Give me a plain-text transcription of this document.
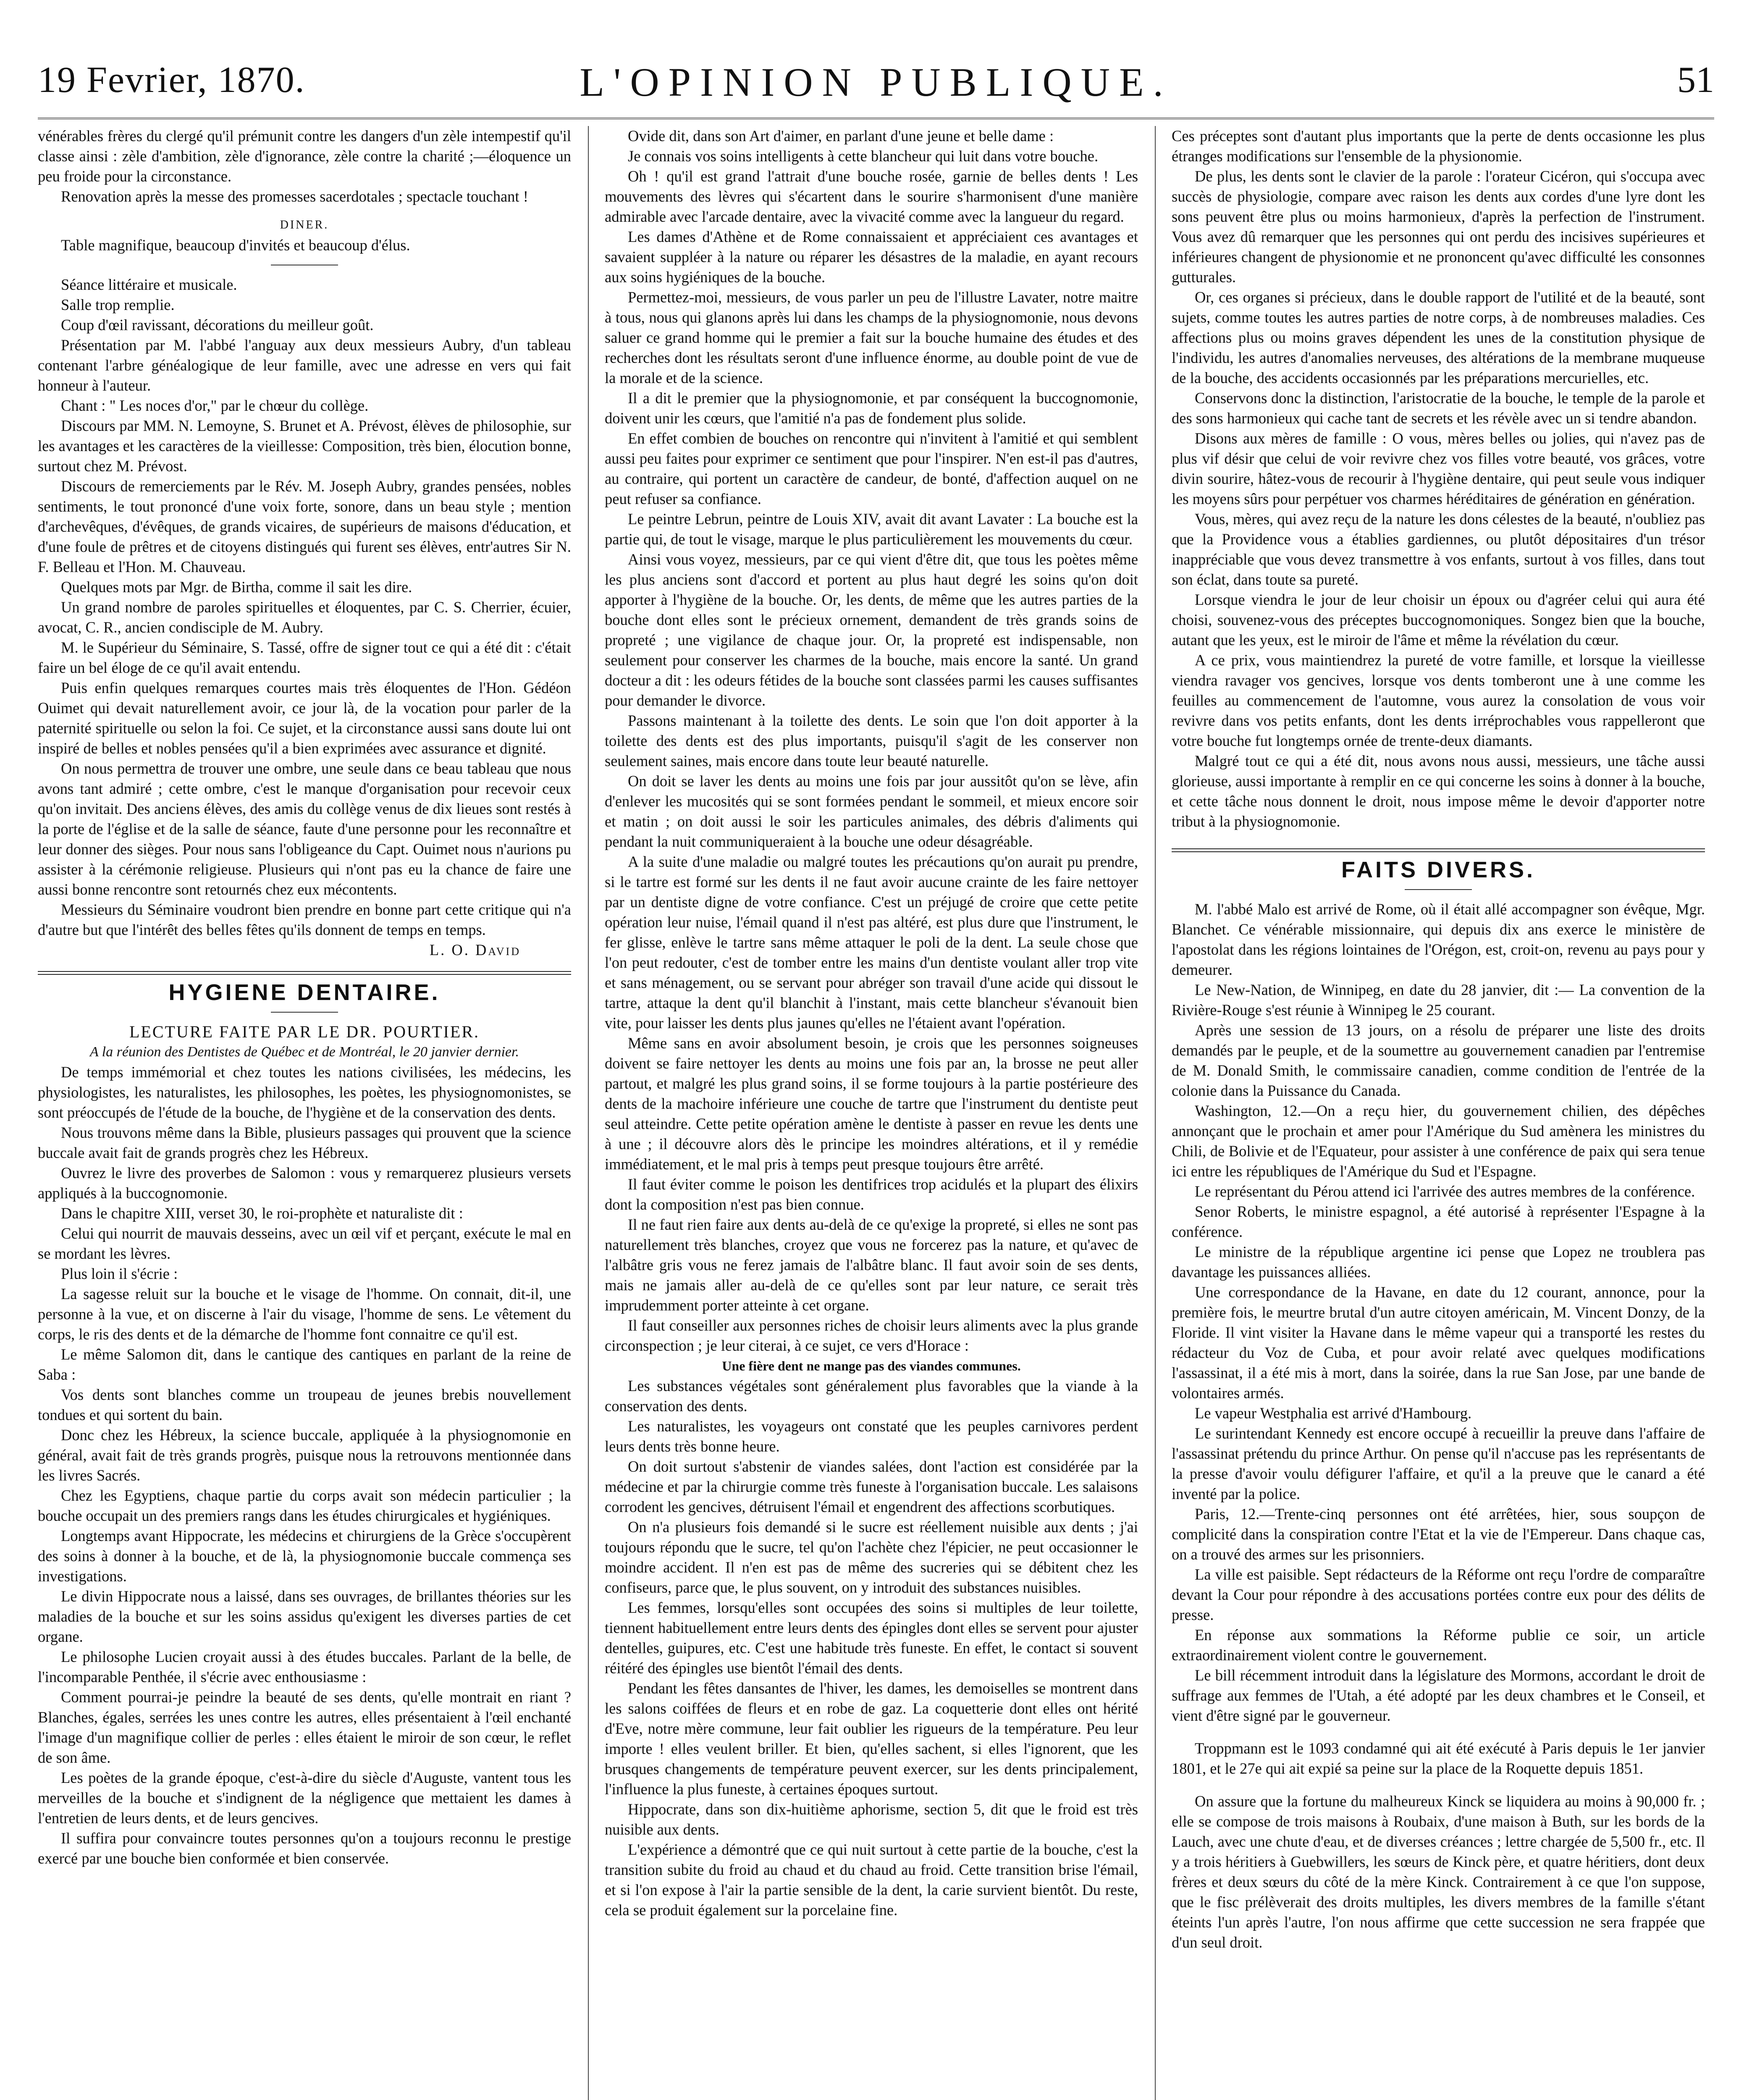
19 Fevrier, 1870.	L'OPINION PUBLIQUE.	51

vénérables frères du clergé qu'il prémunit contre les dangers d'un zèle intempestif qu'il classe ainsi : zèle d'ambition, zèle d'ignorance, zèle contre la charité ;—éloquence un peu froide pour la circonstance.

Renovation après la messe des promesses sacerdotales ; spectacle touchant !

DINER.

Table magnifique, beaucoup d'invités et beaucoup d'élus.

Séance littéraire et musicale.

Salle trop remplie.

Coup d'œil ravissant, décorations du meilleur goût.

Présentation par M. l'abbé l'anguay aux deux messieurs Aubry, d'un tableau contenant l'arbre généalogique de leur famille, avec une adresse en vers qui fait honneur à l'auteur.

Chant : " Les noces d'or," par le chœur du collège.

Discours par MM. N. Lemoyne, S. Brunet et A. Prévost, élèves de philosophie, sur les avantages et les caractères de la vieillesse: Composition, très bien, élocution bonne, surtout chez M. Prévost.

Discours de remerciements par le Rév. M. Joseph Aubry, grandes pensées, nobles sentiments, le tout prononcé d'une voix forte, sonore, dans un beau style ; mention d'archevêques, d'évêques, de grands vicaires, de supérieurs de maisons d'éducation, et d'une foule de prêtres et de citoyens distingués qui furent ses élèves, entr'autres Sir N. F. Belleau et l'Hon. M. Chauveau.

Quelques mots par Mgr. de Birtha, comme il sait les dire.

Un grand nombre de paroles spirituelles et éloquentes, par C. S. Cherrier, écuier, avocat, C. R., ancien condisciple de M. Aubry.

M. le Supérieur du Séminaire, S. Tassé, offre de signer tout ce qui a été dit : c'était faire un bel éloge de ce qu'il avait entendu.

Puis enfin quelques remarques courtes mais très éloquentes de l'Hon. Gédéon Ouimet qui devait naturellement avoir, ce jour là, de la vocation pour parler de la paternité spirituelle ou selon la foi. Ce sujet, et la circonstance aussi sans doute lui ont inspiré de belles et nobles pensées qu'il a bien exprimées avec assurance et dignité.

On nous permettra de trouver une ombre, une seule dans ce beau tableau que nous avons tant admiré ; cette ombre, c'est le manque d'organisation pour recevoir ceux qu'on invitait. Des anciens élèves, des amis du collège venus de dix lieues sont restés à la porte de l'église et de la salle de séance, faute d'une personne pour les reconnaître et leur donner des sièges. Pour nous sans l'obligeance du Capt. Ouimet nous n'aurions pu assister à la cérémonie religieuse. Plusieurs qui n'ont pas eu la chance de faire une aussi bonne rencontre sont retournés chez eux mécontents.

Messieurs du Séminaire voudront bien prendre en bonne part cette critique qui n'a d'autre but que l'intérêt des belles fêtes qu'ils donnent de temps en temps.

L. O. David
HYGIENE DENTAIRE.
LECTURE FAITE PAR LE DR. POURTIER.
A la réunion des Dentistes de Québec et de Montréal, le 20 janvier dernier.

De temps immémorial et chez toutes les nations civilisées, les médecins, les physiologistes, les naturalistes, les philosophes, les poètes, les physiognomonistes, se sont préoccupés de l'étude de la bouche, de l'hygiène et de la conservation des dents.

Nous trouvons même dans la Bible, plusieurs passages qui prouvent que la science buccale avait fait de grands progrès chez les Hébreux.

Ouvrez le livre des proverbes de Salomon : vous y remarquerez plusieurs versets appliqués à la buccognomonie.

Dans le chapitre XIII, verset 30, le roi-prophète et naturaliste dit :

Celui qui nourrit de mauvais desseins, avec un œil vif et perçant, exécute le mal en se mordant les lèvres.

Plus loin il s'écrie :

La sagesse reluit sur la bouche et le visage de l'homme. On connait, dit-il, une personne à la vue, et on discerne à l'air du visage, l'homme de sens. Le vêtement du corps, le ris des dents et de la démarche de l'homme font connaitre ce qu'il est.

Le même Salomon dit, dans le cantique des cantiques en parlant de la reine de Saba :

Vos dents sont blanches comme un troupeau de jeunes brebis nouvellement tondues et qui sortent du bain.

Donc chez les Hébreux, la science buccale, appliquée à la physiognomonie en général, avait fait de très grands progrès, puisque nous la retrouvons mentionnée dans les livres Sacrés.

Chez les Egyptiens, chaque partie du corps avait son médecin particulier ; la bouche occupait un des premiers rangs dans les études chirurgicales et hygiéniques.

Longtemps avant Hippocrate, les médecins et chirurgiens de la Grèce s'occupèrent des soins à donner à la bouche, et de là, la physiognomonie buccale commença ses investigations.

Le divin Hippocrate nous a laissé, dans ses ouvrages, de brillantes théories sur les maladies de la bouche et sur les soins assidus qu'exigent les diverses parties de cet organe.

Le philosophe Lucien croyait aussi à des études buccales. Parlant de la belle, de l'incomparable Penthée, il s'écrie avec enthousiasme :

Comment pourrai-je peindre la beauté de ses dents, qu'elle montrait en riant ? Blanches, égales, serrées les unes contre les autres, elles présentaient à l'œil enchanté l'image d'un magnifique collier de perles : elles étaient le miroir de son cœur, le reflet de son âme.

Les poètes de la grande époque, c'est-à-dire du siècle d'Auguste, vantent tous les merveilles de la bouche et s'indignent de la négligence que mettaient les dames à l'entretien de leurs dents, et de leurs gencives.

Il suffira pour convaincre toutes personnes qu'on a toujours reconnu le prestige exercé par une bouche bien conformée et bien conservée.

Ovide dit, dans son Art d'aimer, en parlant d'une jeune et belle dame :

Je connais vos soins intelligents à cette blancheur qui luit dans votre bouche.

Oh ! qu'il est grand l'attrait d'une bouche rosée, garnie de belles dents ! Les mouvements des lèvres qui s'écartent dans le sourire s'harmonisent d'une manière admirable avec l'arcade dentaire, avec la vivacité comme avec la langueur du regard.

Les dames d'Athène et de Rome connaissaient et appréciaient ces avantages et savaient suppléer à la nature ou réparer les désastres de la maladie, en ayant recours aux soins hygiéniques de la bouche.

Permettez-moi, messieurs, de vous parler un peu de l'illustre Lavater, notre maitre à tous, nous qui glanons après lui dans les champs de la physiognomonie, nous devons saluer ce grand homme qui le premier a fait sur la bouche humaine des études et des recherches dont les résultats seront d'une influence énorme, au double point de vue de la morale et de la science.

Il a dit le premier que la physiognomonie, et par conséquent la buccognomonie, doivent unir les cœurs, que l'amitié n'a pas de fondement plus solide.

En effet combien de bouches on rencontre qui n'invitent à l'amitié et qui semblent aussi peu faites pour exprimer ce sentiment que pour l'inspirer. N'en est-il pas d'autres, au contraire, qui portent un caractère de candeur, de bonté, d'affection auquel on ne peut refuser sa confiance.

Le peintre Lebrun, peintre de Louis XIV, avait dit avant Lavater : La bouche est la partie qui, de tout le visage, marque le plus particulièrement les mouvements du cœur.

Ainsi vous voyez, messieurs, par ce qui vient d'être dit, que tous les poètes même les plus anciens sont d'accord et portent au plus haut degré les soins qu'on doit apporter à l'hygiène de la bouche. Or, les dents, de même que les autres parties de la bouche dont elles sont le précieux ornement, demandent de très grands soins de propreté ; une vigilance de chaque jour. Or, la propreté est indispensable, non seulement pour conserver les charmes de la bouche, mais encore la santé. Un grand docteur a dit : les odeurs fétides de la bouche sont classées parmi les causes suffisantes pour demander le divorce.

Passons maintenant à la toilette des dents. Le soin que l'on doit apporter à la toilette des dents est des plus importants, puisqu'il s'agit de les conserver non seulement saines, mais encore dans toute leur beauté naturelle.

On doit se laver les dents au moins une fois par jour aussitôt qu'on se lève, afin d'enlever les mucosités qui se sont formées pendant le sommeil, et mieux encore soir et matin ; on doit aussi le soir les particules animales, des débris d'aliments qui pendant la nuit communiqueraient à la bouche une odeur désagréable.

A la suite d'une maladie ou malgré toutes les précautions qu'on aurait pu prendre, si le tartre est formé sur les dents il ne faut avoir aucune crainte de les faire nettoyer par un dentiste digne de votre confiance. C'est un préjugé de croire que cette petite opération leur nuise, l'émail quand il n'est pas altéré, est plus dure que l'instrument, le fer glisse, enlève le tartre sans même attaquer le poli de la dent. La seule chose que l'on peut redouter, c'est de tomber entre les mains d'un dentiste voulant aller trop vite et sans ménagement, ou se servant pour abréger son travail d'une acide qui dissout le tartre, attaque la dent qu'il blanchit à l'instant, mais cette blancheur s'évanouit bien vite, pour laisser les dents plus jaunes qu'elles ne l'étaient avant l'opération.

Même sans en avoir absolument besoin, je crois que les personnes soigneuses doivent se faire nettoyer les dents au moins une fois par an, la brosse ne peut aller partout, et malgré les plus grand soins, il se forme toujours à la partie postérieure des dents de la machoire inférieure une couche de tartre que l'instrument du dentiste peut seul atteindre. Cette petite opération amène le dentiste à passer en revue les dents une à une ; il découvre alors dès le principe les moindres altérations, et il y remédie immédiatement, et le mal pris à temps peut presque toujours être arrêté.

Il faut éviter comme le poison les dentifrices trop acidulés et la plupart des élixirs dont la composition n'est pas bien connue.

Il ne faut rien faire aux dents au-delà de ce qu'exige la propreté, si elles ne sont pas naturellement très blanches, croyez que vous ne forcerez pas la nature, et qu'avec de l'albâtre gris vous ne ferez jamais de l'albâtre blanc. Il faut avoir soin de ses dents, mais ne jamais aller au-delà de ce qu'elles sont par leur nature, ce serait très imprudemment porter atteinte à cet organe.

Il faut conseiller aux personnes riches de choisir leurs aliments avec la plus grande circonspection ; je leur citerai, à ce sujet, ce vers d'Horace :

Une fière dent ne mange pas des viandes communes.

Les substances végétales sont généralement plus favorables que la viande à la conservation des dents.

Les naturalistes, les voyageurs ont constaté que les peuples carnivores perdent leurs dents très bonne heure.

On doit surtout s'abstenir de viandes salées, dont l'action est considérée par la médecine et par la chirurgie comme très funeste à l'organisation buccale. Les salaisons corrodent les gencives, détruisent l'émail et engendrent des affections scorbutiques.

On n'a plusieurs fois demandé si le sucre est réellement nuisible aux dents ; j'ai toujours répondu que le sucre, tel qu'on l'achète chez l'épicier, ne peut occasionner le moindre accident. Il n'en est pas de même des sucreries qui se débitent chez les confiseurs, parce que, le plus souvent, on y introduit des substances nuisibles.

Les femmes, lorsqu'elles sont occupées des soins si multiples de leur toilette, tiennent habituellement entre leurs dents des épingles dont elles se servent pour ajuster dentelles, guipures, etc. C'est une habitude très funeste. En effet, le contact si souvent réitéré des épingles use bientôt l'émail des dents.

Pendant les fêtes dansantes de l'hiver, les dames, les demoiselles se montrent dans les salons coiffées de fleurs et en robe de gaz. La coquetterie dont elles ont hérité d'Eve, notre mère commune, leur fait oublier les rigueurs de la température. Peu leur importe ! elles veulent briller. Et bien, qu'elles sachent, si elles l'ignorent, que les brusques changements de température peuvent exercer, sur les dents principalement, l'influence la plus funeste, à certaines époques surtout.

Hippocrate, dans son dix-huitième aphorisme, section 5, dit que le froid est très nuisible aux dents.

L'expérience a démontré que ce qui nuit surtout à cette partie de la bouche, c'est la transition subite du froid au chaud et du chaud au froid. Cette transition brise l'émail, et si l'on expose à l'air la partie sensible de la dent, la carie survient bientôt. Du reste, cela se produit également sur la porcelaine fine.

Ces préceptes sont d'autant plus importants que la perte de dents occasionne les plus étranges modifications sur l'ensemble de la physionomie.

De plus, les dents sont le clavier de la parole : l'orateur Cicéron, qui s'occupa avec succès de physiologie, compare avec raison les dents aux cordes d'une lyre dont les sons peuvent être plus ou moins harmonieux, d'après la perfection de l'instrument. Vous avez dû remarquer que les personnes qui ont perdu des incisives supérieures et inférieures changent de physionomie et ne prononcent qu'avec difficulté les consonnes gutturales.

Or, ces organes si précieux, dans le double rapport de l'utilité et de la beauté, sont sujets, comme toutes les autres parties de notre corps, à de nombreuses maladies. Ces affections plus ou moins graves dépendent les unes de la constitution physique de l'individu, les autres d'anomalies nerveuses, des altérations de la membrane muqueuse de la bouche, des accidents occasionnés par les préparations mercurielles, etc.

Conservons donc la distinction, l'aristocratie de la bouche, le temple de la parole et des sons harmonieux qui cache tant de secrets et les révèle avec un si tendre abandon.

Disons aux mères de famille : O vous, mères belles ou jolies, qui n'avez pas de plus vif désir que celui de voir revivre chez vos filles votre beauté, vos grâces, votre divin sourire, hâtez-vous de recourir à l'hygiène dentaire, qui peut seule vous indiquer les moyens sûrs pour perpétuer vos charmes héréditaires de génération en génération.

Vous, mères, qui avez reçu de la nature les dons célestes de la beauté, n'oubliez pas que la Providence vous a établies gardiennes, ou plutôt dépositaires d'un trésor inappréciable que vous devez transmettre à vos enfants, surtout à vos filles, dans tout son éclat, dans toute sa pureté.

Lorsque viendra le jour de leur choisir un époux ou d'agréer celui qui aura été choisi, souvenez-vous des préceptes buccognomoniques. Songez bien que la bouche, autant que les yeux, est le miroir de l'âme et même la révélation du cœur.

A ce prix, vous maintiendrez la pureté de votre famille, et lorsque la vieillesse viendra ravager vos gencives, lorsque vos dents tomberont une à une comme les feuilles au commencement de l'automne, vous aurez la consolation de vous voir revivre dans vos petits enfants, dont les dents irréprochables vous rappelleront que votre bouche fut longtemps ornée de trente-deux diamants.

Malgré tout ce qui a été dit, nous avons nous aussi, messieurs, une tâche aussi glorieuse, aussi importante à remplir en ce qui concerne les soins à donner à la bouche, et cette tâche nous donnent le droit, nous impose même le devoir d'apporter notre tribut à la physiognomonie.

FAITS DIVERS.

M. l'abbé Malo est arrivé de Rome, où il était allé accompagner son évêque, Mgr. Blanchet. Ce vénérable missionnaire, qui depuis dix ans exerce le ministère de l'apostolat dans les régions lointaines de l'Orégon, est, croit-on, revenu au pays pour y demeurer.

Le New-Nation, de Winnipeg, en date du 28 janvier, dit :— La convention de la Rivière-Rouge s'est réunie à Winnipeg le 25 courant.

Après une session de 13 jours, on a résolu de préparer une liste des droits demandés par le peuple, et de la soumettre au gouvernement canadien par l'entremise de M. Donald Smith, le commissaire canadien, comme condition de l'entrée de la colonie dans la Puissance du Canada.

Washington, 12.—On a reçu hier, du gouvernement chilien, des dépêches annonçant que le prochain et amer pour l'Amérique du Sud amènera les ministres du Chili, de Bolivie et de l'Equateur, pour assister à une conférence de paix qui sera tenue ici entre les républiques de l'Amérique du Sud et l'Espagne.

Le représentant du Pérou attend ici l'arrivée des autres membres de la conférence.

Senor Roberts, le ministre espagnol, a été autorisé à représenter l'Espagne à la conférence.

Le ministre de la république argentine ici pense que Lopez ne troublera pas davantage les puissances alliées.

Une correspondance de la Havane, en date du 12 courant, annonce, pour la première fois, le meurtre brutal d'un autre citoyen américain, M. Vincent Donzy, de la Floride. Il vint visiter la Havane dans le même vapeur qui a transporté les restes du rédacteur du Voz de Cuba, et pour avoir relaté avec quelques modifications l'assassinat, il a été mis à mort, dans la soirée, dans la rue San Jose, par une bande de volontaires armés.

Le vapeur Westphalia est arrivé d'Hambourg.

Le surintendant Kennedy est encore occupé à recueillir la preuve dans l'affaire de l'assassinat prétendu du prince Arthur. On pense qu'il n'accuse pas les représentants de la presse d'avoir voulu défigurer l'affaire, et qu'il a la preuve que le canard a été inventé par la police.

Paris, 12.—Trente-cinq personnes ont été arrêtées, hier, sous soupçon de complicité dans la conspiration contre l'Etat et la vie de l'Empereur. Dans chaque cas, on a trouvé des armes sur les prisonniers.

La ville est paisible. Sept rédacteurs de la Réforme ont reçu l'ordre de comparaître devant la Cour pour répondre à des accusations portées contre eux pour des délits de presse.

En réponse aux sommations la Réforme publie ce soir, un article extraordinairement violent contre le gouvernement.

Le bill récemment introduit dans la législature des Mormons, accordant le droit de suffrage aux femmes de l'Utah, a été adopté par les deux chambres et le Conseil, et vient d'être signé par le gouverneur.

Troppmann est le 1093 condamné qui ait été exécuté à Paris depuis le 1er janvier 1801, et le 27e qui ait expié sa peine sur la place de la Roquette depuis 1851.

On assure que la fortune du malheureux Kinck se liquidera au moins à 90,000 fr. ; elle se compose de trois maisons à Roubaix, d'une maison à Buth, sur les bords de la Lauch, avec une chute d'eau, et de diverses créances ; lettre chargée de 5,500 fr., etc. Il y a trois héritiers à Guebwillers, les sœurs de Kinck père, et quatre héritiers, dont deux frères et deux sœurs du côté de la mère Kinck. Contrairement à ce que l'on suppose, que le fisc prélèverait des droits multiples, les divers membres de la famille s'étant éteints l'un après l'autre, l'on nous affirme que cette succession ne sera frappée que d'un seul droit.
